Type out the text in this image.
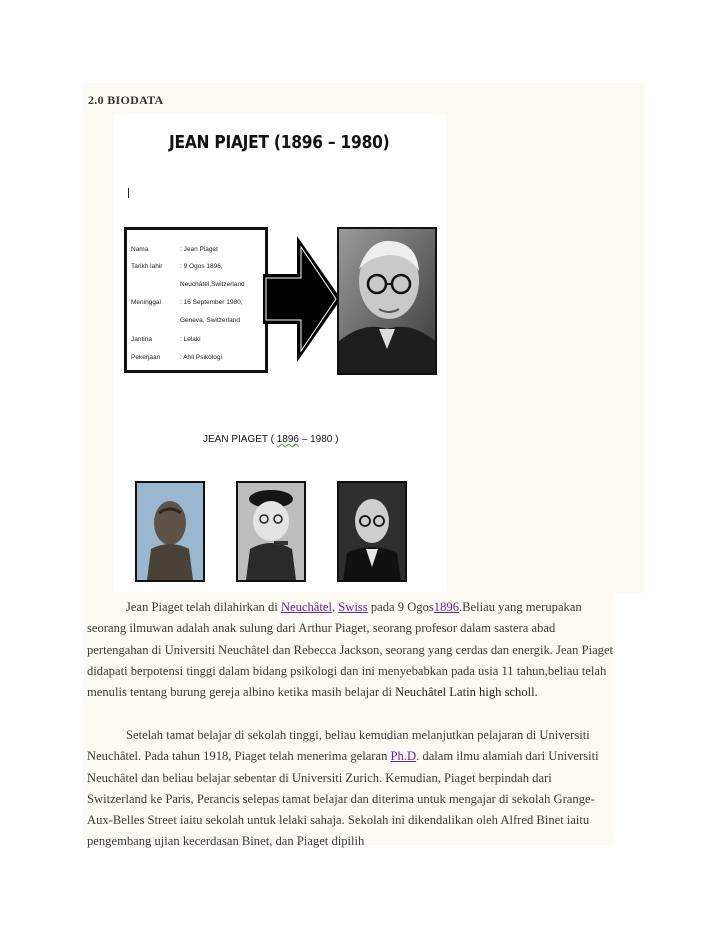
2.0 BIODATA
JEAN PIAJET (1896 – 1980)
Nama	: Jean Piaget
Tarikh lahir	: 9 Ogos 1896,
Neuchâtel,Switzerland
Meninggal	: 16 September 1980,
Geneva, Switzerland
Jantina	: Lelaki
Pekerjaan	: Ahli Psikologi
JEAN PIAGET ( 1896 – 1980 )
Jean Piaget telah dilahirkan di Neuchâtel, Swiss pada 9 Ogos1896.Beliau yang merupakan seorang ilmuwan adalah anak sulung dari Arthur Piaget, seorang profesor dalam sastera abad pertengahan di Universiti Neuchâtel dan Rebecca Jackson, seorang yang cerdas dan energik. Jean Piaget didapati berpotensi tinggi dalam bidang psikologi dan ini menyebabkan pada usia 11 tahun,beliau telah menulis tentang burung gereja albino ketika masih belajar di Neuchâtel Latin high scholl.
Setelah tamat belajar di sekolah tinggi, beliau kemudian melanjutkan pelajaran di Universiti Neuchâtel. Pada tahun 1918, Piaget telah menerima gelaran Ph.D. dalam ilmu alamiah dari Universiti Neuchâtel dan beliau belajar sebentar di Universiti Zurich. Kemudian, Piaget berpindah dari Switzerland ke Paris, Perancis selepas tamat belajar dan diterima untuk mengajar di sekolah Grange-Aux-Belles Street iaitu sekolah untuk lelaki sahaja. Sekolah ini dikendalikan oleh Alfred Binet iaitu pengembang ujian kecerdasan Binet, dan Piaget dipilih
